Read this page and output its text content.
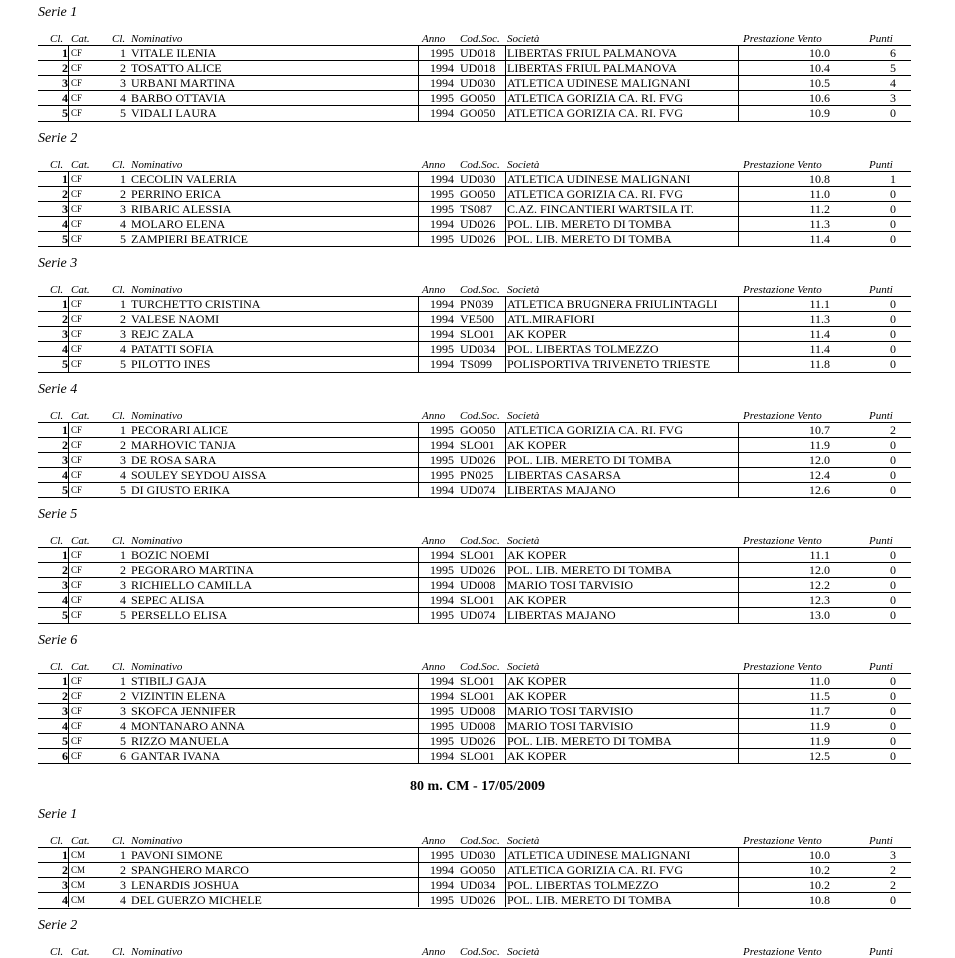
Serie 1
Cl. Cat. Cl. Nominativo	Anno Cod.Soc. Società	Prestazione Vento	Punti
1 CF	1 VITALE ILENIA	1995 UD018 LIBERTAS FRIUL PALMANOVA	10.0	6
2 CF	2 TOSATTO ALICE	1994 UD018 LIBERTAS FRIUL PALMANOVA	10.4	5
3 CF	3 URBANI MARTINA	1994 UD030 ATLETICA UDINESE MALIGNANI	10.5	4
4 CF	4 BARBO OTTAVIA	1995 GO050 ATLETICA GORIZIA CA. RI. FVG	10.6	3
5 CF	5 VIDALI LAURA	1994 GO050 ATLETICA GORIZIA CA. RI. FVG	10.9	0
Serie 2
Cl. Cat. Cl. Nominativo	Anno Cod.Soc. Società	Prestazione Vento	Punti
1 CF	1 CECOLIN VALERIA	1994 UD030 ATLETICA UDINESE MALIGNANI	10.8	1
2 CF	2 PERRINO ERICA	1995 GO050 ATLETICA GORIZIA CA. RI. FVG	11.0	0
3 CF	3 RIBARIC ALESSIA	1995 TS087 C.AZ. FINCANTIERI WARTSILA IT.	11.2	0
4 CF	4 MOLARO ELENA	1994 UD026 POL. LIB. MERETO DI TOMBA	11.3	0
5 CF	5 ZAMPIERI BEATRICE	1995 UD026 POL. LIB. MERETO DI TOMBA	11.4	0
Serie 3
Cl. Cat. Cl. Nominativo	Anno Cod.Soc. Società	Prestazione Vento	Punti
1 CF	1 TURCHETTO CRISTINA	1994 PN039 ATLETICA BRUGNERA FRIULINTAGLI	11.1	0
2 CF	2 VALESE NAOMI	1994 VE500 ATL.MIRAFIORI	11.3	0
3 CF	3 REJC ZALA	1994 SLO01 AK KOPER	11.4	0
4 CF	4 PATATTI SOFIA	1995 UD034 POL. LIBERTAS TOLMEZZO	11.4	0
5 CF	5 PILOTTO INES	1994 TS099 POLISPORTIVA TRIVENETO TRIESTE	11.8	0
Serie 4
Cl. Cat. Cl. Nominativo	Anno Cod.Soc. Società	Prestazione Vento	Punti
1 CF	1 PECORARI ALICE	1995 GO050 ATLETICA GORIZIA CA. RI. FVG	10.7	2
2 CF	2 MARHOVIC TANJA	1994 SLO01 AK KOPER	11.9	0
3 CF	3 DE ROSA SARA	1995 UD026 POL. LIB. MERETO DI TOMBA	12.0	0
4 CF	4 SOULEY SEYDOU AISSA	1995 PN025 LIBERTAS CASARSA	12.4	0
5 CF	5 DI GIUSTO ERIKA	1994 UD074 LIBERTAS MAJANO	12.6	0
Serie 5
Cl. Cat. Cl. Nominativo	Anno Cod.Soc. Società	Prestazione Vento	Punti
1 CF	1 BOZIC NOEMI	1994 SLO01 AK KOPER	11.1	0
2 CF	2 PEGORARO MARTINA	1995 UD026 POL. LIB. MERETO DI TOMBA	12.0	0
3 CF	3 RICHIELLO CAMILLA	1994 UD008 MARIO TOSI TARVISIO	12.2	0
4 CF	4 SEPEC ALISA	1994 SLO01 AK KOPER	12.3	0
5 CF	5 PERSELLO ELISA	1995 UD074 LIBERTAS MAJANO	13.0	0
Serie 6
Cl. Cat. Cl. Nominativo	Anno Cod.Soc. Società	Prestazione Vento	Punti
1 CF	1 STIBILJ GAJA	1994 SLO01 AK KOPER	11.0	0
2 CF	2 VIZINTIN ELENA	1994 SLO01 AK KOPER	11.5	0
3 CF	3 SKOFCA JENNIFER	1995 UD008 MARIO TOSI TARVISIO	11.7	0
4 CF	4 MONTANARO ANNA	1995 UD008 MARIO TOSI TARVISIO	11.9	0
5 CF	5 RIZZO MANUELA	1995 UD026 POL. LIB. MERETO DI TOMBA	11.9	0
6 CF	6 GANTAR IVANA	1994 SLO01 AK KOPER	12.5	0
80 m. CM - 17/05/2009
Serie 1
Cl. Cat. Cl. Nominativo	Anno Cod.Soc. Società	Prestazione Vento	Punti
1 CM	1 PAVONI SIMONE	1995 UD030 ATLETICA UDINESE MALIGNANI	10.0	3
2 CM	2 SPANGHERO MARCO	1994 GO050 ATLETICA GORIZIA CA. RI. FVG	10.2	2
3 CM	3 LENARDIS JOSHUA	1994 UD034 POL. LIBERTAS TOLMEZZO	10.2	2
4 CM	4 DEL GUERZO MICHELE	1995 UD026 POL. LIB. MERETO DI TOMBA	10.8	0
Serie 2
Cl. Cat. Cl. Nominativo	Anno Cod.Soc. Società	Prestazione Vento	Punti
